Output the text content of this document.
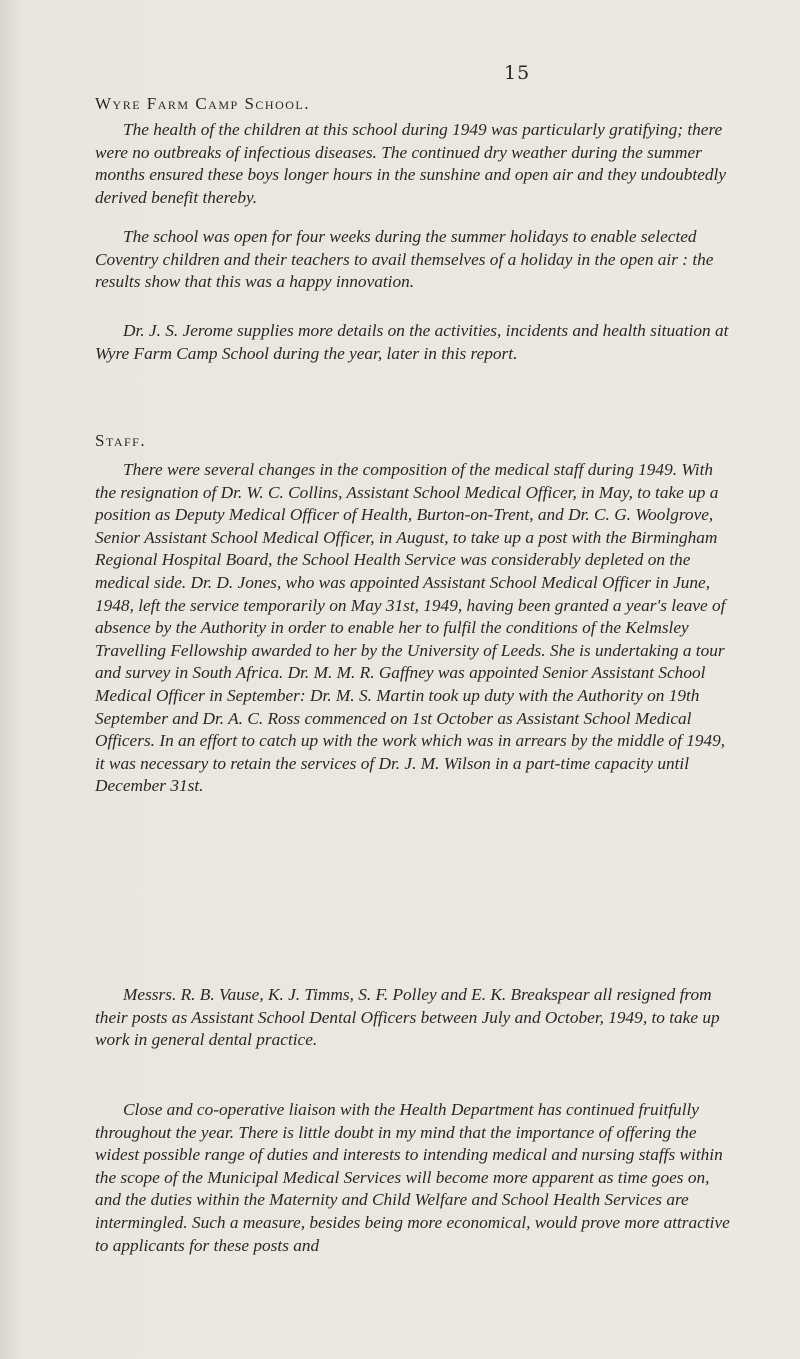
15
Wyre Farm Camp School.

The health of the children at this school during 1949 was particularly gratifying; there were no outbreaks of infectious diseases. The continued dry weather during the summer months ensured these boys longer hours in the sunshine and open air and they undoubtedly derived benefit thereby.

The school was open for four weeks during the summer holidays to enable selected Coventry children and their teachers to avail themselves of a holiday in the open air : the results show that this was a happy innovation.

Dr. J. S. Jerome supplies more details on the activities, incidents and health situation at Wyre Farm Camp School during the year, later in this report.

Staff.

There were several changes in the composition of the medical staff during 1949. With the resignation of Dr. W. C. Collins, Assistant School Medical Officer, in May, to take up a position as Deputy Medical Officer of Health, Burton-on-Trent, and Dr. C. G. Woolgrove, Senior Assistant School Medical Officer, in August, to take up a post with the Birmingham Regional Hospital Board, the School Health Service was considerably depleted on the medical side. Dr. D. Jones, who was appointed Assistant School Medical Officer in June, 1948, left the service temporarily on May 31st, 1949, having been granted a year's leave of absence by the Authority in order to enable her to fulfil the conditions of the Kelmsley Travelling Fellowship awarded to her by the University of Leeds. She is undertaking a tour and survey in South Africa. Dr. M. M. R. Gaffney was appointed Senior Assistant School Medical Officer in September: Dr. M. S. Martin took up duty with the Authority on 19th September and Dr. A. C. Ross commenced on 1st October as Assistant School Medical Officers. In an effort to catch up with the work which was in arrears by the middle of 1949, it was necessary to retain the services of Dr. J. M. Wilson in a part-time capacity until December 31st.

Messrs. R. B. Vause, K. J. Timms, S. F. Polley and E. K. Breakspear all resigned from their posts as Assistant School Dental Officers between July and October, 1949, to take up work in general dental practice.

Close and co-operative liaison with the Health Department has continued fruitfully throughout the year. There is little doubt in my mind that the importance of offering the widest possible range of duties and interests to intending medical and nursing staffs within the scope of the Municipal Medical Services will become more apparent as time goes on, and the duties within the Maternity and Child Welfare and School Health Services are intermingled. Such a measure, besides being more economical, would prove more attractive to applicants for these posts and
